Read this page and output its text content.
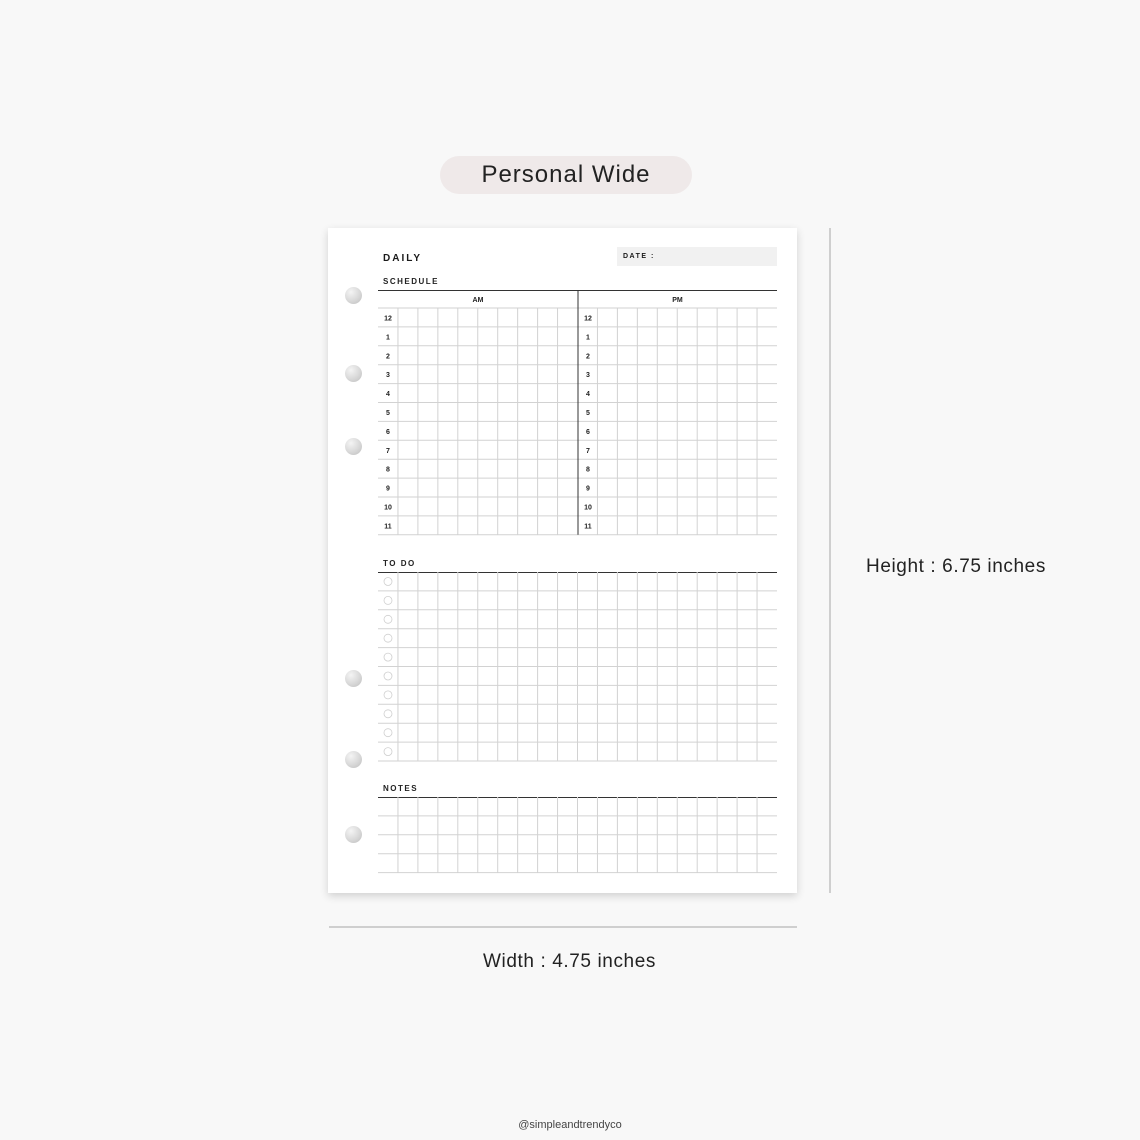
Personal Wide
DAILY	DATE :
SCHEDULE
AM	PM
12	12
1	1
2	2
3	3
4	4
5	5
6	6
7	7
8	8
9	9
10	10
11	11
TO DO
NOTES
Height : 6.75 inches
Width : 4.75 inches
@simpleandtrendyco
